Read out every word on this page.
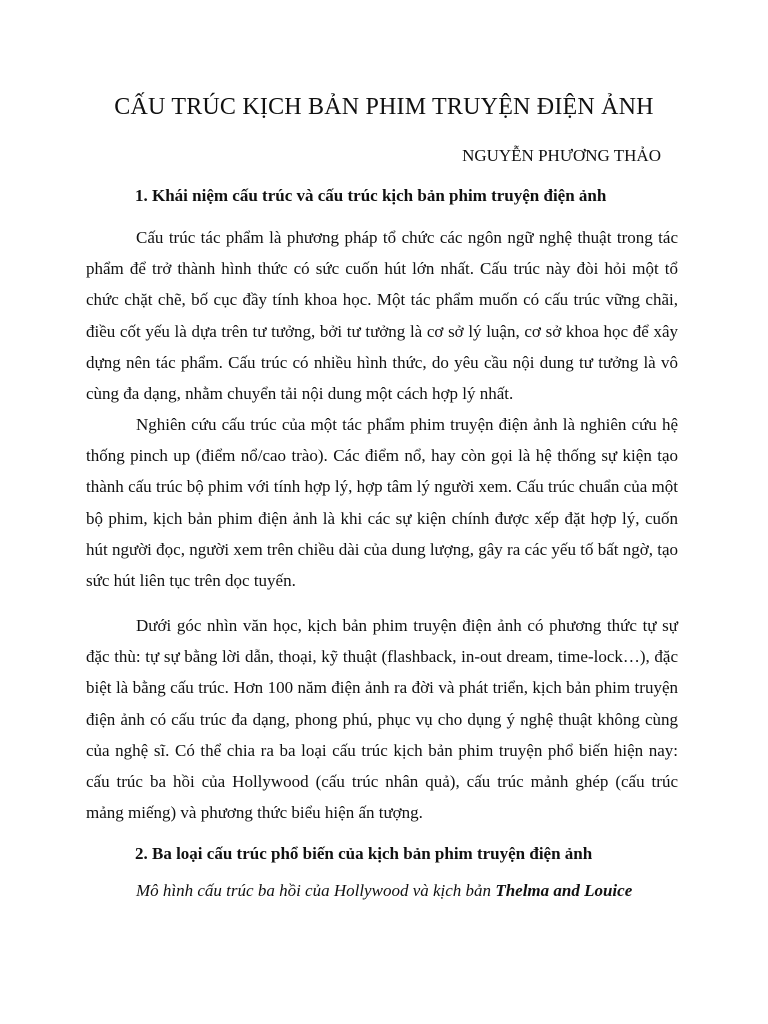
CẤU TRÚC KỊCH BẢN PHIM TRUYỆN ĐIỆN ẢNH
NGUYỄN PHƯƠNG THẢO
1. Khái niệm cấu trúc và cấu trúc kịch bản phim truyện điện ảnh

Cấu trúc tác phẩm là phương pháp tổ chức các ngôn ngữ nghệ thuật trong tác phẩm để trở thành hình thức có sức cuốn hút lớn nhất. Cấu trúc này đòi hỏi một tổ chức chặt chẽ, bố cục đầy tính khoa học. Một tác phẩm muốn có cấu trúc vững chãi, điều cốt yếu là dựa trên tư tưởng, bởi tư tưởng là cơ sở lý luận, cơ sở khoa học để xây dựng nên tác phẩm. Cấu trúc có nhiều hình thức, do yêu cầu nội dung tư tưởng là vô cùng đa dạng, nhằm chuyển tải nội dung một cách hợp lý nhất.

Nghiên cứu cấu trúc của một tác phẩm phim truyện điện ảnh là nghiên cứu hệ thống pinch up (điểm nổ/cao trào). Các điểm nổ, hay còn gọi là hệ thống sự kiện tạo thành cấu trúc bộ phim với tính hợp lý, hợp tâm lý người xem. Cấu trúc chuẩn của một bộ phim, kịch bản phim điện ảnh là khi các sự kiện chính được xếp đặt hợp lý, cuốn hút người đọc, người xem trên chiều dài của dung lượng, gây ra các yếu tố bất ngờ, tạo sức hút liên tục trên dọc tuyến.

Dưới góc nhìn văn học, kịch bản phim truyện điện ảnh có phương thức tự sự đặc thù: tự sự bằng lời dẫn, thoại, kỹ thuật (flashback, in-out dream, time-lock…), đặc biệt là bằng cấu trúc. Hơn 100 năm điện ảnh ra đời và phát triển, kịch bản phim truyện điện ảnh có cấu trúc đa dạng, phong phú, phục vụ cho dụng ý nghệ thuật không cùng của nghệ sĩ. Có thể chia ra ba loại cấu trúc kịch bản phim truyện phổ biến hiện nay: cấu trúc ba hồi của Hollywood (cấu trúc nhân quả), cấu trúc mảnh ghép (cấu trúc mảng miếng) và phương thức biểu hiện ấn tượng.

2. Ba loại cấu trúc phổ biến của kịch bản phim truyện điện ảnh
Mô hình cấu trúc ba hồi của Hollywood và kịch bản Thelma and Louice
